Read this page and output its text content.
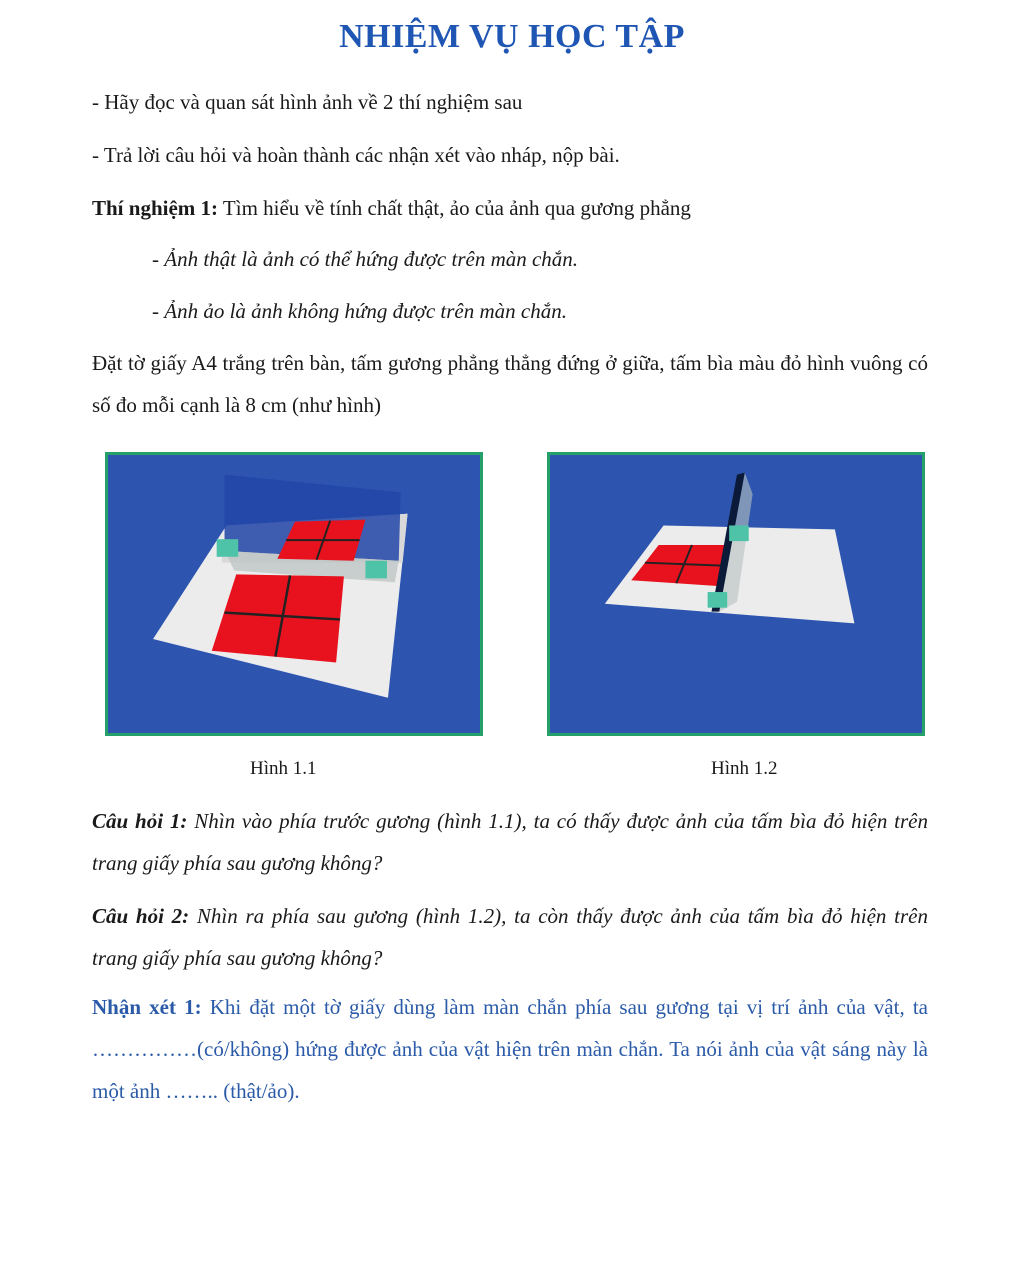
NHIỆM VỤ HỌC TẬP
- Hãy đọc và quan sát hình ảnh về 2 thí nghiệm sau
- Trả lời câu hỏi và hoàn thành các nhận xét vào nháp, nộp bài.
Thí nghiệm 1: Tìm hiểu về tính chất thật, ảo của ảnh qua gương phẳng
- Ảnh thật là ảnh có thể hứng được trên màn chắn.
- Ảnh ảo là ảnh không hứng được trên màn chắn.
Đặt tờ giấy A4 trắng trên bàn, tấm gương phẳng thẳng đứng ở giữa, tấm bìa màu đỏ hình vuông có số đo mỗi cạnh là 8 cm (như hình)
Hình 1.1	Hình 1.2
Câu hỏi 1: Nhìn vào phía trước gương (hình 1.1), ta có thấy được ảnh của tấm bìa đỏ hiện trên trang giấy phía sau gương không?
Câu hỏi 2: Nhìn ra phía sau gương (hình 1.2), ta còn thấy được ảnh của tấm bìa đỏ hiện trên trang giấy phía sau gương không?
Nhận xét 1: Khi đặt một tờ giấy dùng làm màn chắn phía sau gương tại vị trí ảnh của vật, ta ……………(có/không) hứng được ảnh của vật hiện trên màn chắn. Ta nói ảnh của vật sáng này là một ảnh …….. (thật/ảo).
